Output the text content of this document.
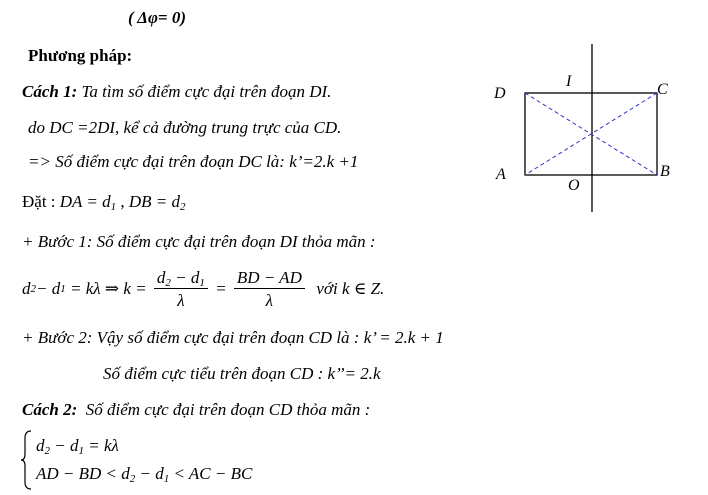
( Δφ= 0)
Phương pháp:
Cách 1: Ta tìm số điểm cực đại trên đoạn DI.
do DC =2DI, kể cả đường trung trực của CD.
=> Số điểm cực đại trên đoạn DC là: k’=2.k +1
Đặt : DA = $d_1$ , DB = $d_2$
+ Bước 1: Số điểm cực đại trên đoạn DI thỏa mãn :
d 2 − d 1 = kλ ⇒ $k = \frac{d_2 - d_1}{\lambda} = \frac{BD - AD}{\lambda}$ với k ∈ Z.
+ Bước 2: Vậy số điểm cực đại trên đoạn CD là : k’ = 2.k + 1
Số điểm cực tiểu trên đoạn CD : k’’= 2.k
Cách 2:  Số điểm cực đại trên đoạn CD thỏa mãn :
$d_2 - d_1 = k\lambda$
AD − BD < $d_2 - d_1$ < AC − BC
D
I	C
A
O
B
